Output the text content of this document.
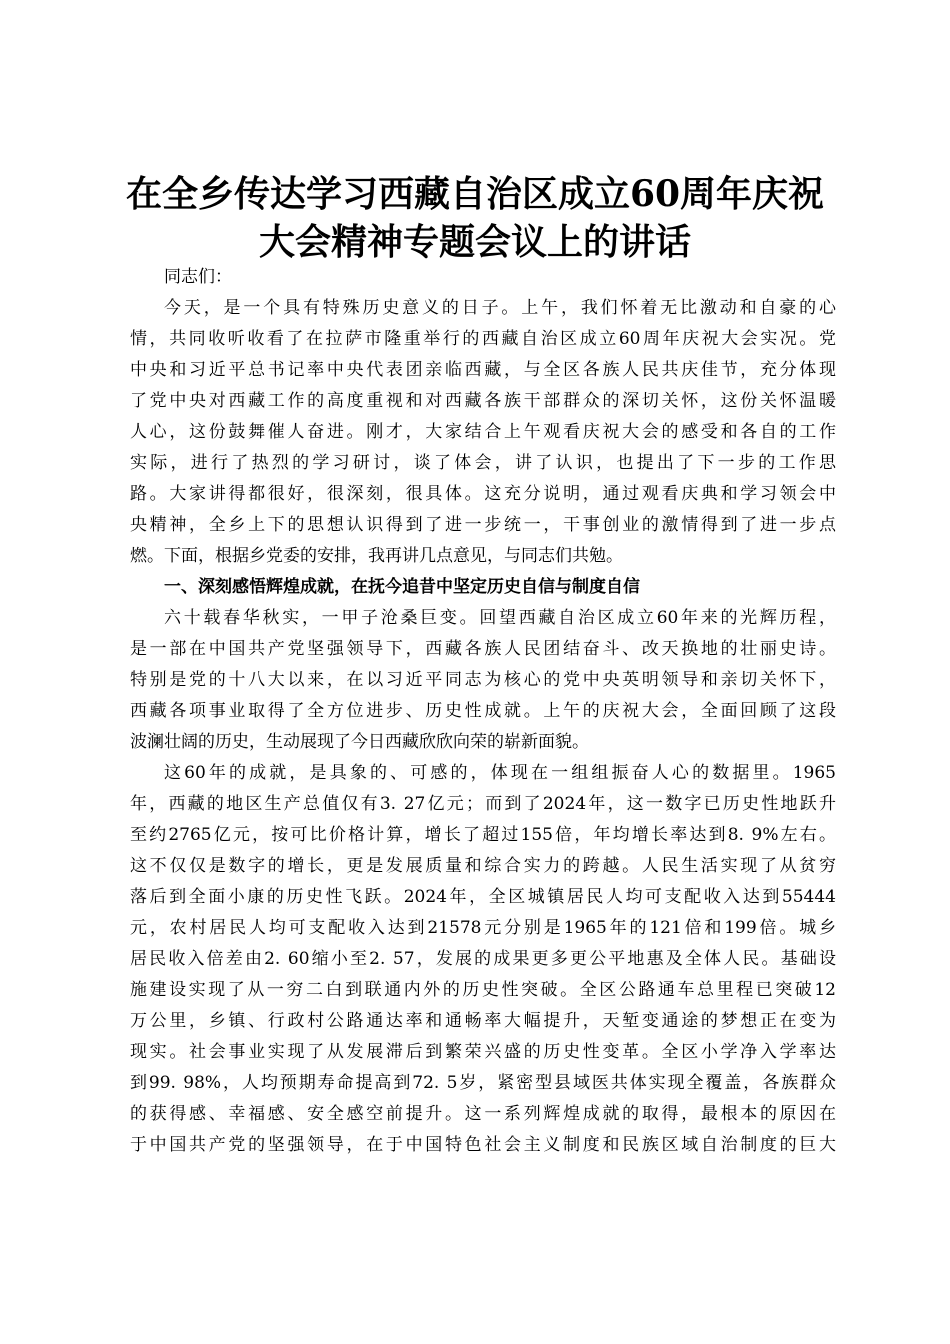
在全乡传达学习西藏自治区成立60周年庆祝
大会精神专题会议上的讲话
同志们：
今天，是一个具有特殊历史意义的日子。上午，我们怀着无比激动和自豪的心
情，共同收听收看了在拉萨市隆重举行的西藏自治区成立60周年庆祝大会实况。党
中央和习近平总书记率中央代表团亲临西藏，与全区各族人民共庆佳节，充分体现
了党中央对西藏工作的高度重视和对西藏各族干部群众的深切关怀，这份关怀温暖
人心，这份鼓舞催人奋进。刚才，大家结合上午观看庆祝大会的感受和各自的工作
实际，进行了热烈的学习研讨，谈了体会，讲了认识，也提出了下一步的工作思
路。大家讲得都很好，很深刻，很具体。这充分说明，通过观看庆典和学习领会中
央精神，全乡上下的思想认识得到了进一步统一，干事创业的激情得到了进一步点
燃。下面，根据乡党委的安排，我再讲几点意见，与同志们共勉。
一、深刻感悟辉煌成就，在抚今追昔中坚定历史自信与制度自信
六十载春华秋实，一甲子沧桑巨变。回望西藏自治区成立60年来的光辉历程，
是一部在中国共产党坚强领导下，西藏各族人民团结奋斗、改天换地的壮丽史诗。
特别是党的十八大以来，在以习近平同志为核心的党中央英明领导和亲切关怀下，
西藏各项事业取得了全方位进步、历史性成就。上午的庆祝大会，全面回顾了这段
波澜壮阔的历史，生动展现了今日西藏欣欣向荣的崭新面貌。
这60年的成就，是具象的、可感的，体现在一组组振奋人心的数据里。1965
年，西藏的地区生产总值仅有3. 27亿元；而到了2024年，这一数字已历史性地跃升
至约2765亿元，按可比价格计算，增长了超过155倍，年均增长率达到8. 9%左右。
这不仅仅是数字的增长，更是发展质量和综合实力的跨越。人民生活实现了从贫穷
落后到全面小康的历史性飞跃。2024年，全区城镇居民人均可支配收入达到55444
元，农村居民人均可支配收入达到21578元分别是1965年的121倍和199倍。城乡
居民收入倍差由2. 60缩小至2. 57，发展的成果更多更公平地惠及全体人民。基础设
施建设实现了从一穷二白到联通内外的历史性突破。全区公路通车总里程已突破12
万公里，乡镇、行政村公路通达率和通畅率大幅提升，天堑变通途的梦想正在变为
现实。社会事业实现了从发展滞后到繁荣兴盛的历史性变革。全区小学净入学率达
到99. 98%，人均预期寿命提高到72. 5岁，紧密型县域医共体实现全覆盖，各族群众
的获得感、幸福感、安全感空前提升。这一系列辉煌成就的取得，最根本的原因在
于中国共产党的坚强领导，在于中国特色社会主义制度和民族区域自治制度的巨大
